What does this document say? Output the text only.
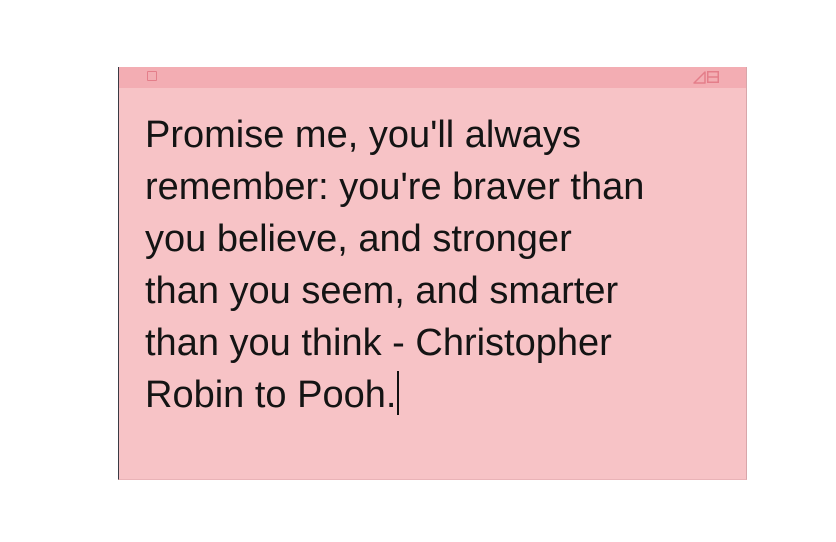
Promise me, you'll always
remember: you're braver than
you believe, and stronger
than you seem, and smarter
than you think - Christopher
Robin to Pooh.
